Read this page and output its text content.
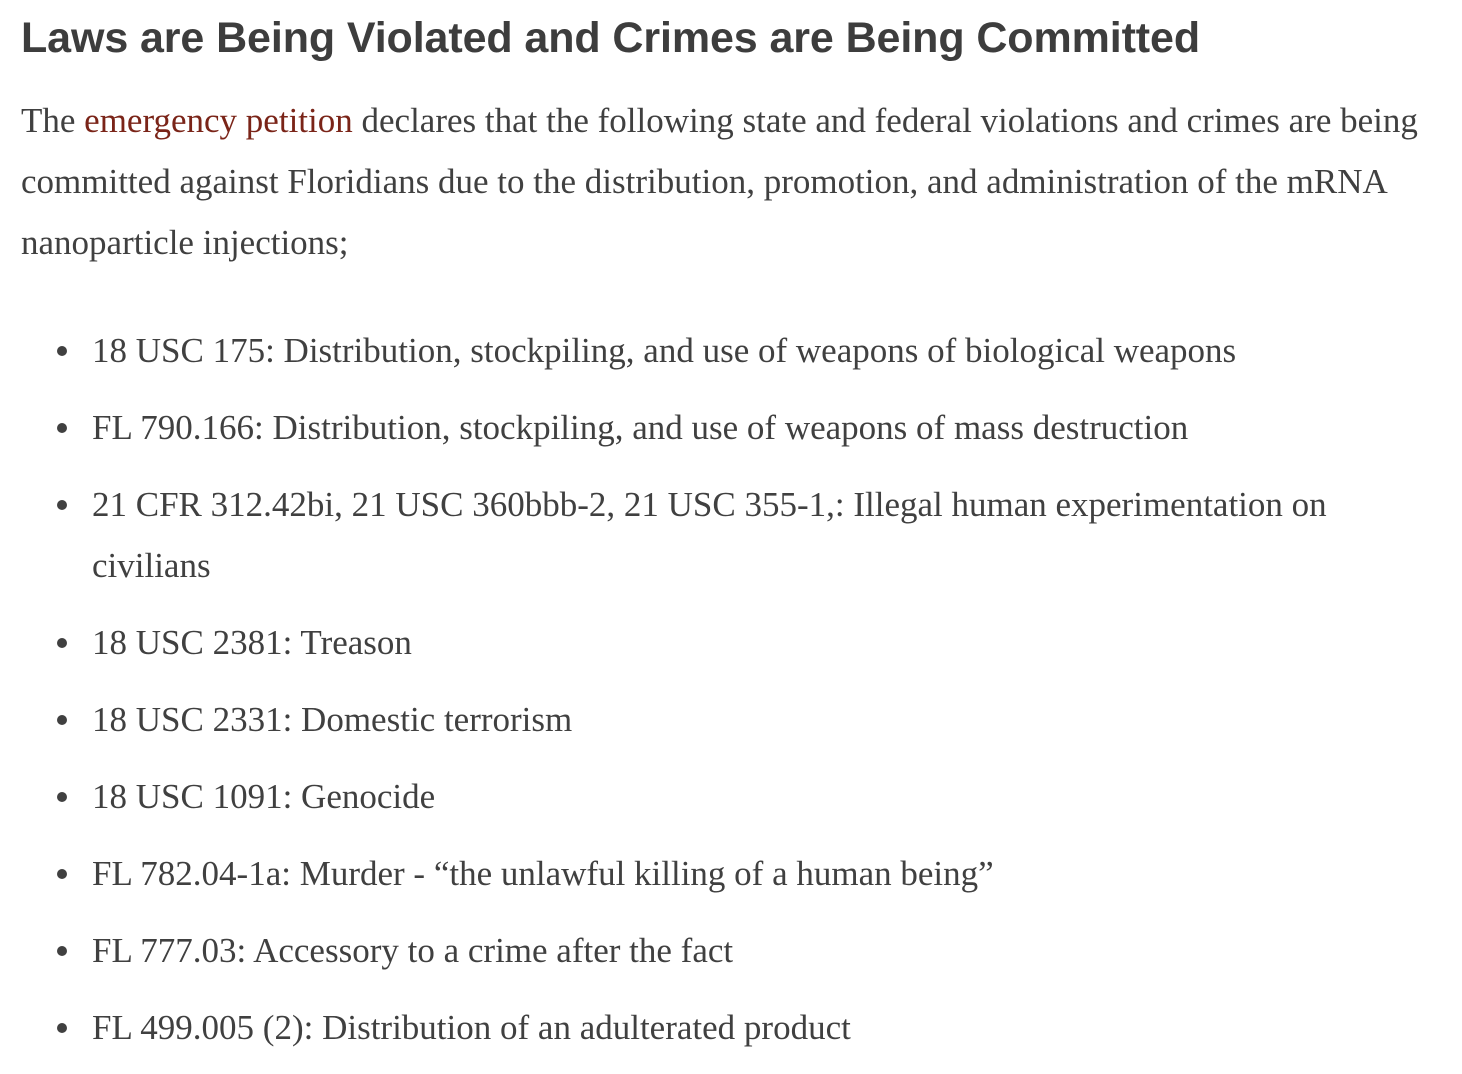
Laws are Being Violated and Crimes are Being Committed

The emergency petition declares that the following state and federal violations and crimes are being committed against Floridians due to the distribution, promotion, and administration of the mRNA nanoparticle injections;

18 USC 175: Distribution, stockpiling, and use of weapons of biological weapons
FL 790.166: Distribution, stockpiling, and use of weapons of mass destruction
21 CFR 312.42bi, 21 USC 360bbb-2, 21 USC 355-1,: Illegal human experimentation on civilians
18 USC 2381: Treason
18 USC 2331: Domestic terrorism
18 USC 1091: Genocide
FL 782.04-1a: Murder - “the unlawful killing of a human being”
FL 777.03: Accessory to a crime after the fact
FL 499.005 (2): Distribution of an adulterated product
